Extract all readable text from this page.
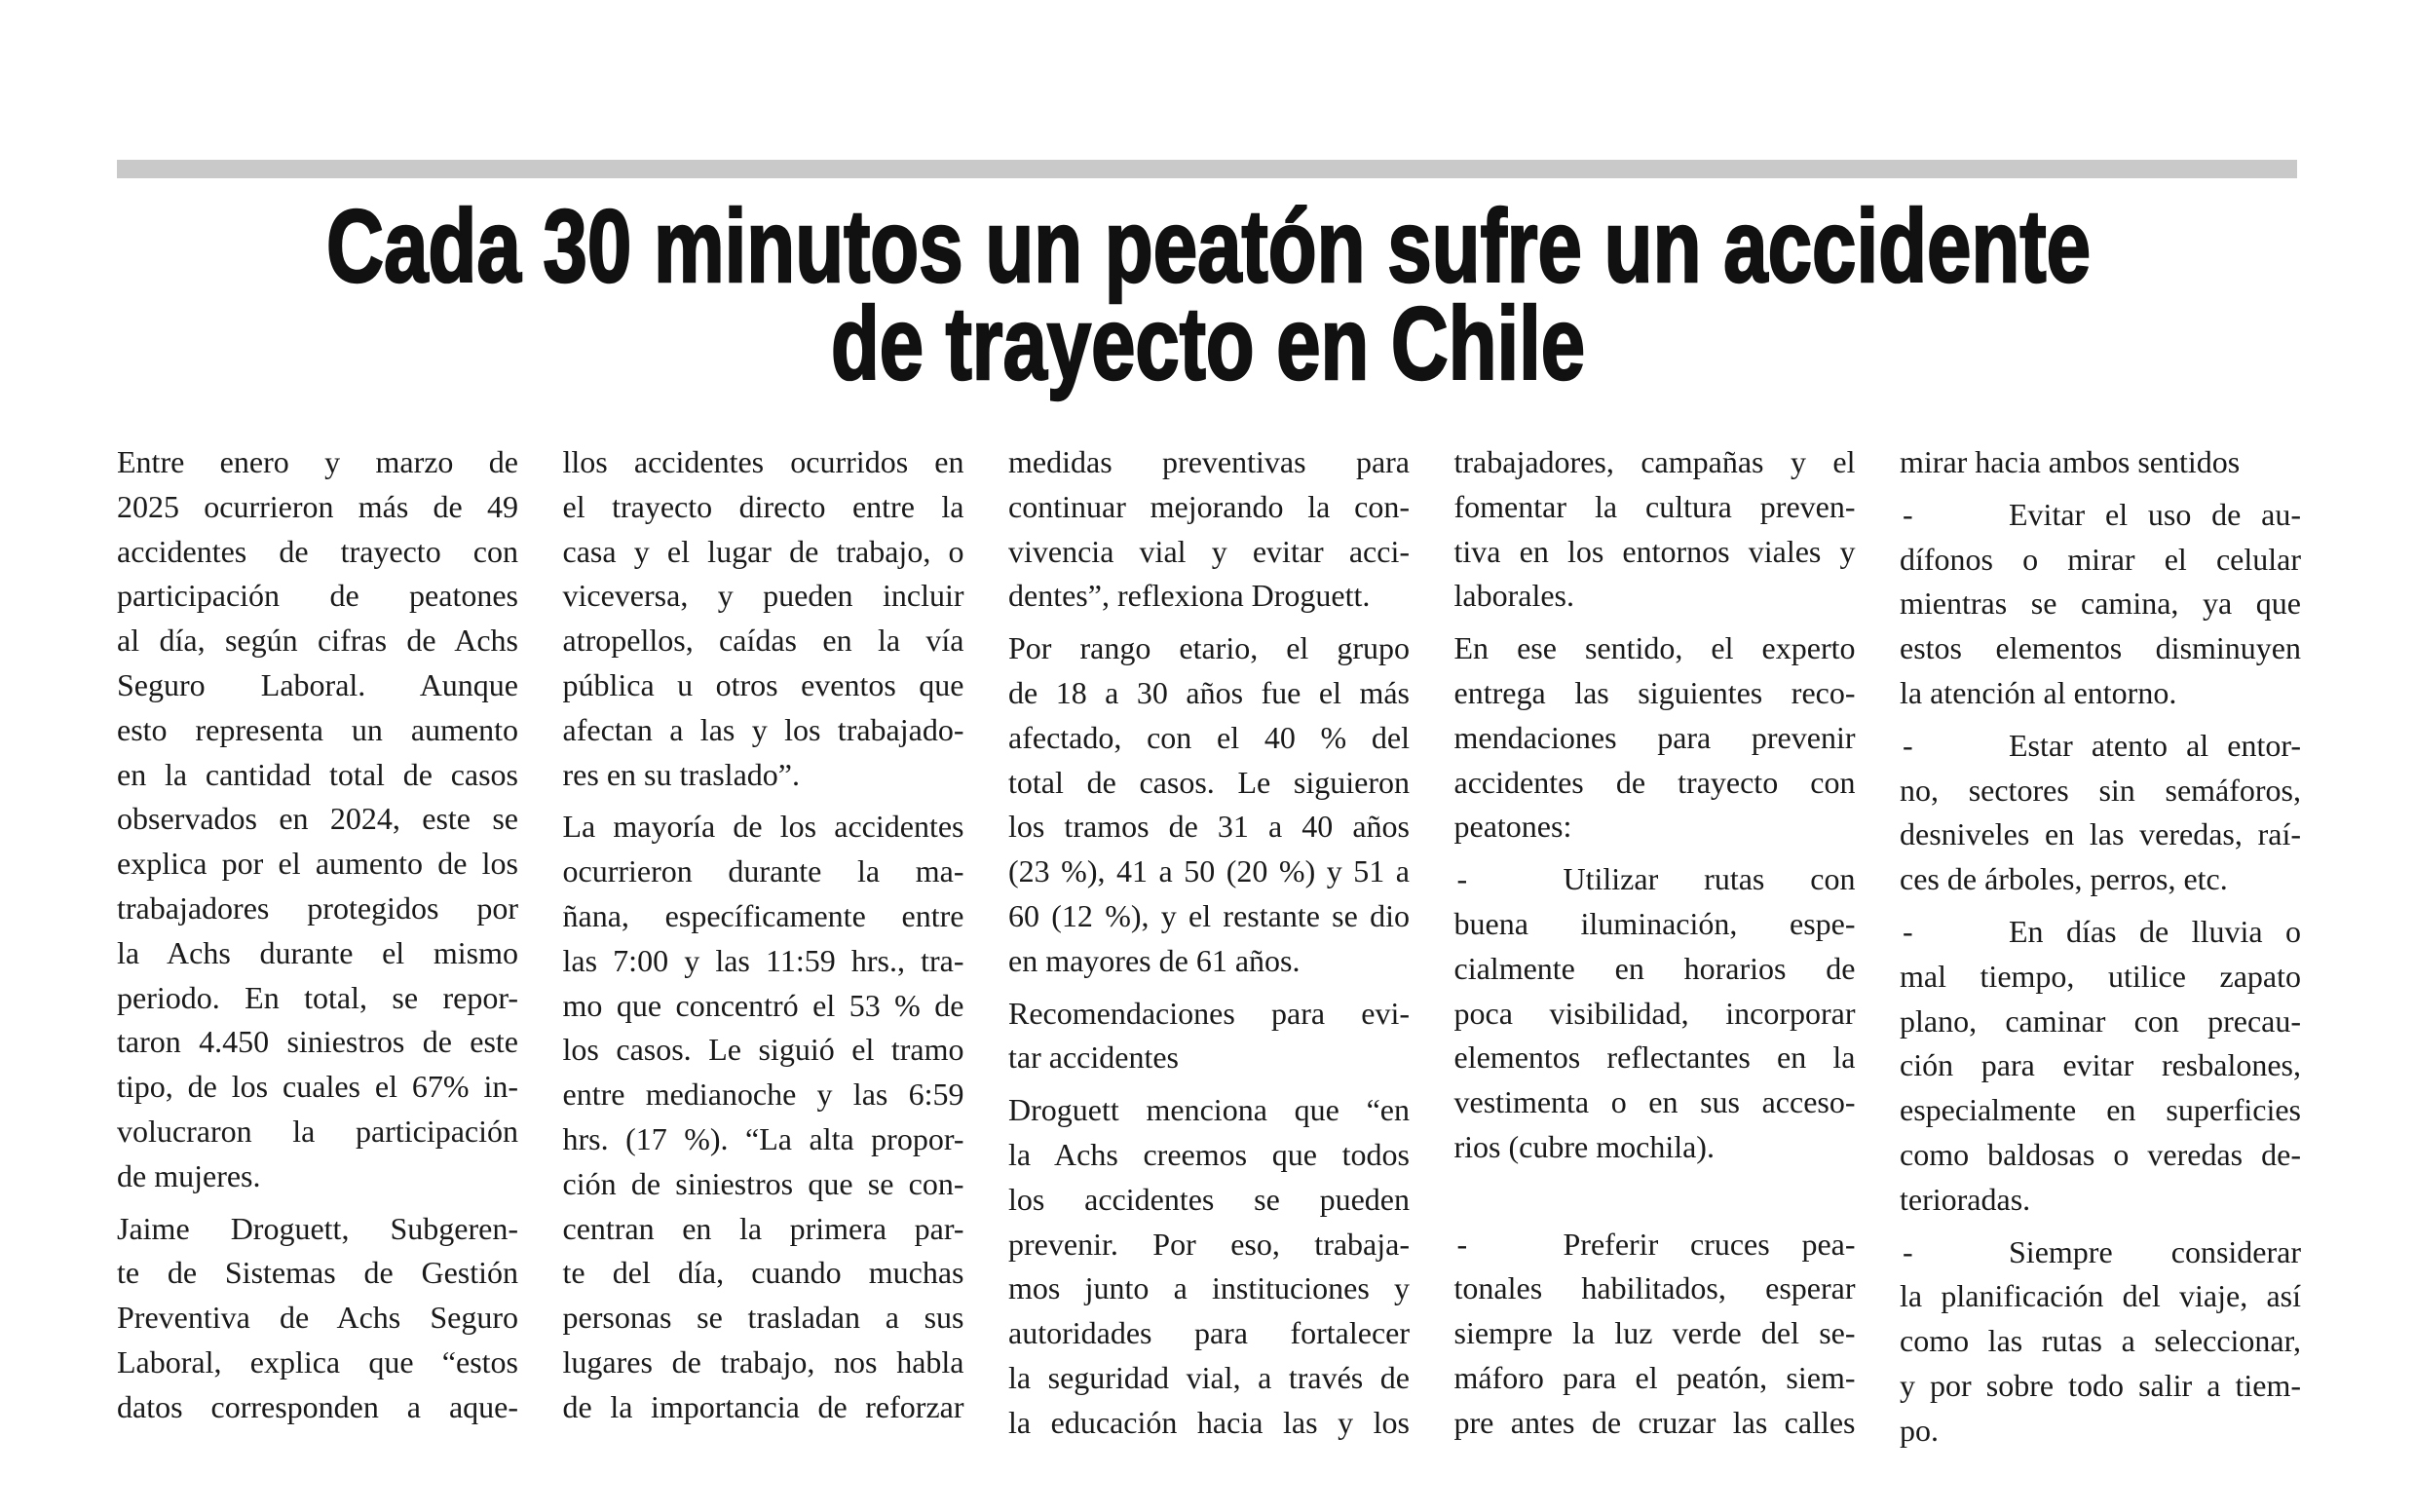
Cada 30 minutos un peatón sufre un accidente
de trayecto en Chile
Entre enero y marzo de
2025 ocurrieron más de 49
accidentes de trayecto con
participación de peatones
al día, según cifras de Achs
Seguro Laboral. Aunque
esto representa un aumento
en la cantidad total de casos
observados en 2024, este se
explica por el aumento de los
trabajadores protegidos por
la Achs durante el mismo
periodo. En total, se repor-
taron 4.450 siniestros de este
tipo, de los cuales el 67% in-
volucraron la participación
de mujeres.
Jaime Droguett, Subgeren-
te de Sistemas de Gestión
Preventiva de Achs Seguro
Laboral, explica que “estos
datos corresponden a aque-
llos accidentes ocurridos en
el trayecto directo entre la
casa y el lugar de trabajo, o
viceversa, y pueden incluir
atropellos, caídas en la vía
pública u otros eventos que
afectan a las y los trabajado-
res en su traslado”.
La mayoría de los accidentes
ocurrieron durante la ma-
ñana, específicamente entre
las 7:00 y las 11:59 hrs., tra-
mo que concentró el 53 % de
los casos. Le siguió el tramo
entre medianoche y las 6:59
hrs. (17 %). “La alta propor-
ción de siniestros que se con-
centran en la primera par-
te del día, cuando muchas
personas se trasladan a sus
lugares de trabajo, nos habla
de la importancia de reforzar
medidas preventivas para
continuar mejorando la con-
vivencia vial y evitar acci-
dentes”, reflexiona Droguett.
Por rango etario, el grupo
de 18 a 30 años fue el más
afectado, con el 40 % del
total de casos. Le siguieron
los tramos de 31 a 40 años
(23 %), 41 a 50 (20 %) y 51 a
60 (12 %), y el restante se dio
en mayores de 61 años.
Recomendaciones para evi-
tar accidentes
Droguett menciona que “en
la Achs creemos que todos
los accidentes se pueden
prevenir. Por eso, trabaja-
mos junto a instituciones y
autoridades para fortalecer
la seguridad vial, a través de
la educación hacia las y los
trabajadores, campañas y el
fomentar la cultura preven-
tiva en los entornos viales y
laborales.
En ese sentido, el experto
entrega las siguientes reco-
mendaciones para prevenir
accidentes de trayecto con
peatones:
-	Utilizar rutas con
buena iluminación, espe-
cialmente en horarios de
poca visibilidad, incorporar
elementos reflectantes en la
vestimenta o en sus acceso-
rios (cubre mochila).
-	Preferir cruces pea-
tonales habilitados, esperar
siempre la luz verde del se-
máforo para el peatón, siem-
pre antes de cruzar las calles
mirar hacia ambos sentidos
-	Evitar el uso de au-
dífonos o mirar el celular
mientras se camina, ya que
estos elementos disminuyen
la atención al entorno.
-	Estar atento al entor-
no, sectores sin semáforos,
desniveles en las veredas, raí-
ces de árboles, perros, etc.
-	En días de lluvia o
mal tiempo, utilice zapato
plano, caminar con precau-
ción para evitar resbalones,
especialmente en superficies
como baldosas o veredas de-
terioradas.
-	Siempre considerar
la planificación del viaje, así
como las rutas a seleccionar,
y por sobre todo salir a tiem-
po.
